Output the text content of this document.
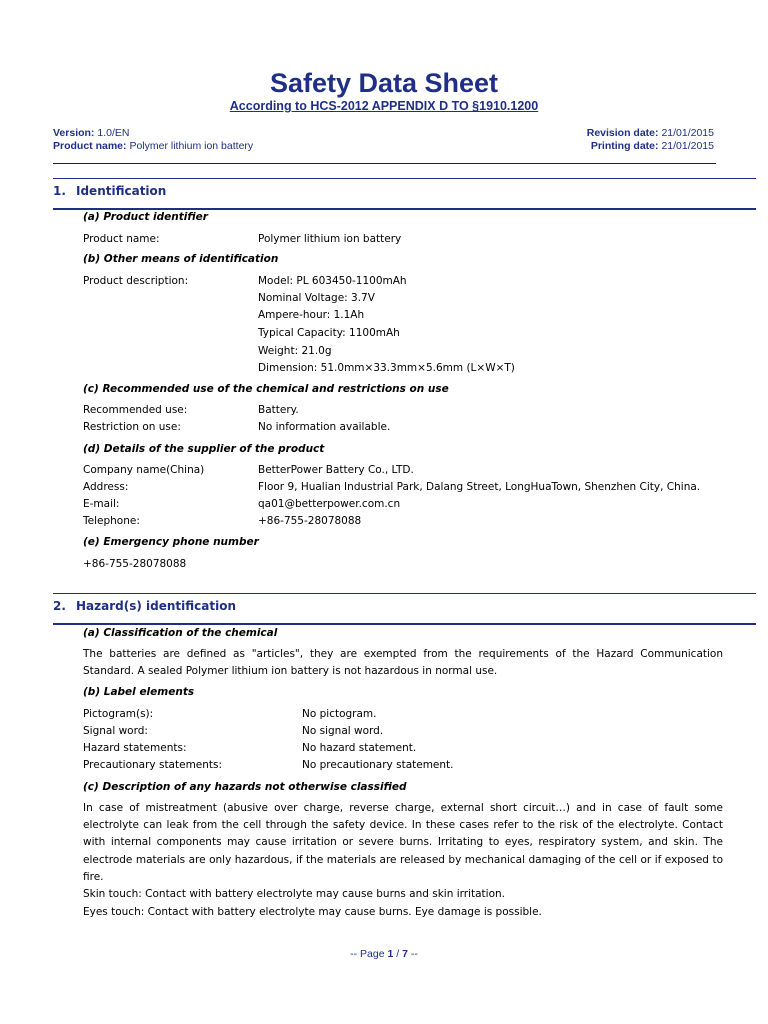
Safety Data Sheet
According to HCS-2012 APPENDIX D TO §1910.1200
Version: 1.0/EN
Product name: Polymer lithium ion battery
Revision date: 21/01/2015
Printing date: 21/01/2015
1. Identification
(a) Product identifier
Product name:	Polymer lithium ion battery
(b) Other means of identification
Product description:	Model: PL 603450-1100mAh
Nominal Voltage: 3.7V
Ampere-hour: 1.1Ah
Typical Capacity: 1100mAh
Weight: 21.0g
Dimension: 51.0mm×33.3mm×5.6mm (L×W×T)
(c) Recommended use of the chemical and restrictions on use
Recommended use:	Battery.
Restriction on use:	No information available.
(d) Details of the supplier of the product
Company name(China)	BetterPower Battery Co., LTD.
Address:	Floor 9, Hualian Industrial Park, Dalang Street, LongHuaTown, Shenzhen City, China.
E-mail:	qa01@betterpower.com.cn
Telephone:	+86-755-28078088
(e) Emergency phone number
+86-755-28078088
2. Hazard(s) identification
(a) Classification of the chemical
The batteries are defined as "articles", they are exempted from the requirements of the Hazard Communication Standard. A sealed Polymer lithium ion battery is not hazardous in normal use.
(b) Label elements
Pictogram(s):	No pictogram.
Signal word:	No signal word.
Hazard statements:	No hazard statement.
Precautionary statements:	No precautionary statement.
(c) Description of any hazards not otherwise classified
In case of mistreatment (abusive over charge, reverse charge, external short circuit…) and in case of fault some electrolyte can leak from the cell through the safety device. In these cases refer to the risk of the electrolyte. Contact with internal components may cause irritation or severe burns. Irritating to eyes, respiratory system, and skin. The electrode materials are only hazardous, if the materials are released by mechanical damaging of the cell or if exposed to fire.
Skin touch: Contact with battery electrolyte may cause burns and skin irritation.
Eyes touch: Contact with battery electrolyte may cause burns. Eye damage is possible.
-- Page 1 / 7 --
